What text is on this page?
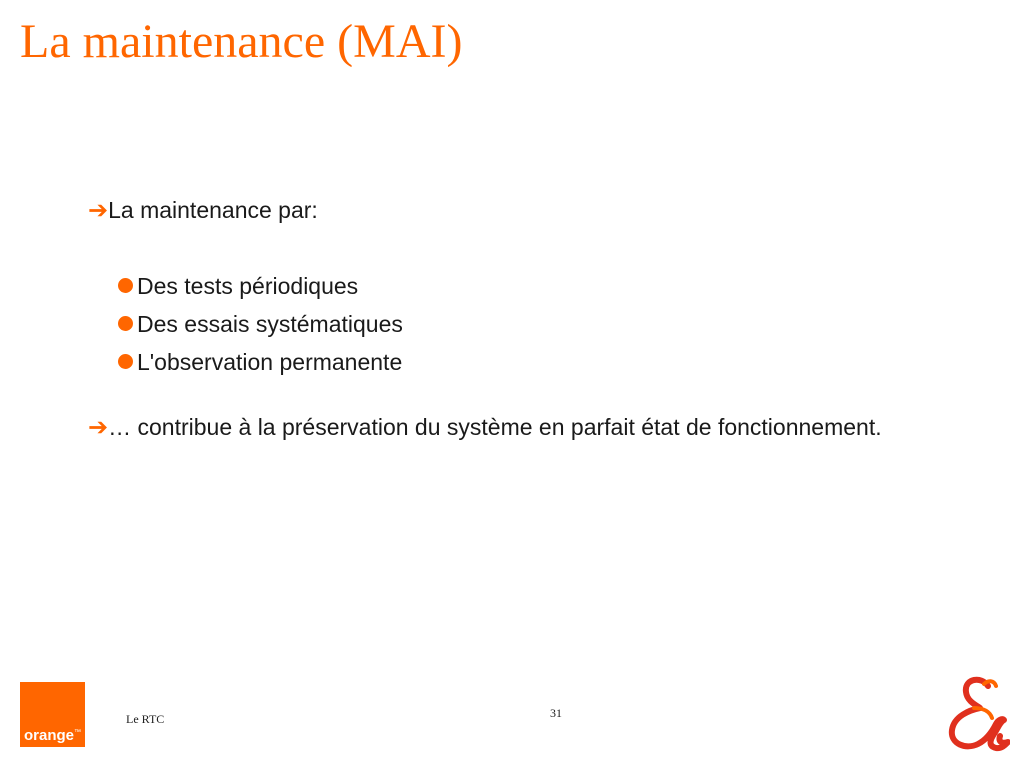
La maintenance (MAI)

➔La maintenance par:

Des tests périodiques
Des essais systématiques
L'observation permanente

➔… contribue à la préservation du système en parfait état de fonctionnement.

orange™
Le RTC	31
